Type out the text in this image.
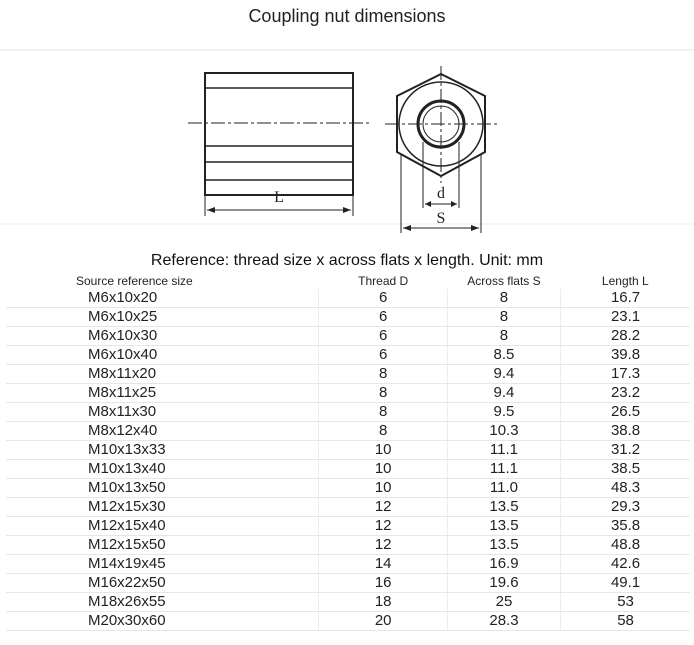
Coupling nut dimensions
L	d
S
Reference: thread size x across flats x length. Unit: mm
Source reference size	Thread D	Across flats S	Length L
M6x10x20	6	8	16.7
M6x10x25	6	8	23.1
M6x10x30	6	8	28.2
M6x10x40	6	8.5	39.8
M8x11x20	8	9.4	17.3
M8x11x25	8	9.4	23.2
M8x11x30	8	9.5	26.5
M8x12x40	8	10.3	38.8
M10x13x33	10	11.1	31.2
M10x13x40	10	11.1	38.5
M10x13x50	10	11.0	48.3
M12x15x30	12	13.5	29.3
M12x15x40	12	13.5	35.8
M12x15x50	12	13.5	48.8
M14x19x45	14	16.9	42.6
M16x22x50	16	19.6	49.1
M18x26x55	18	25	53
M20x30x60	20	28.3	58
